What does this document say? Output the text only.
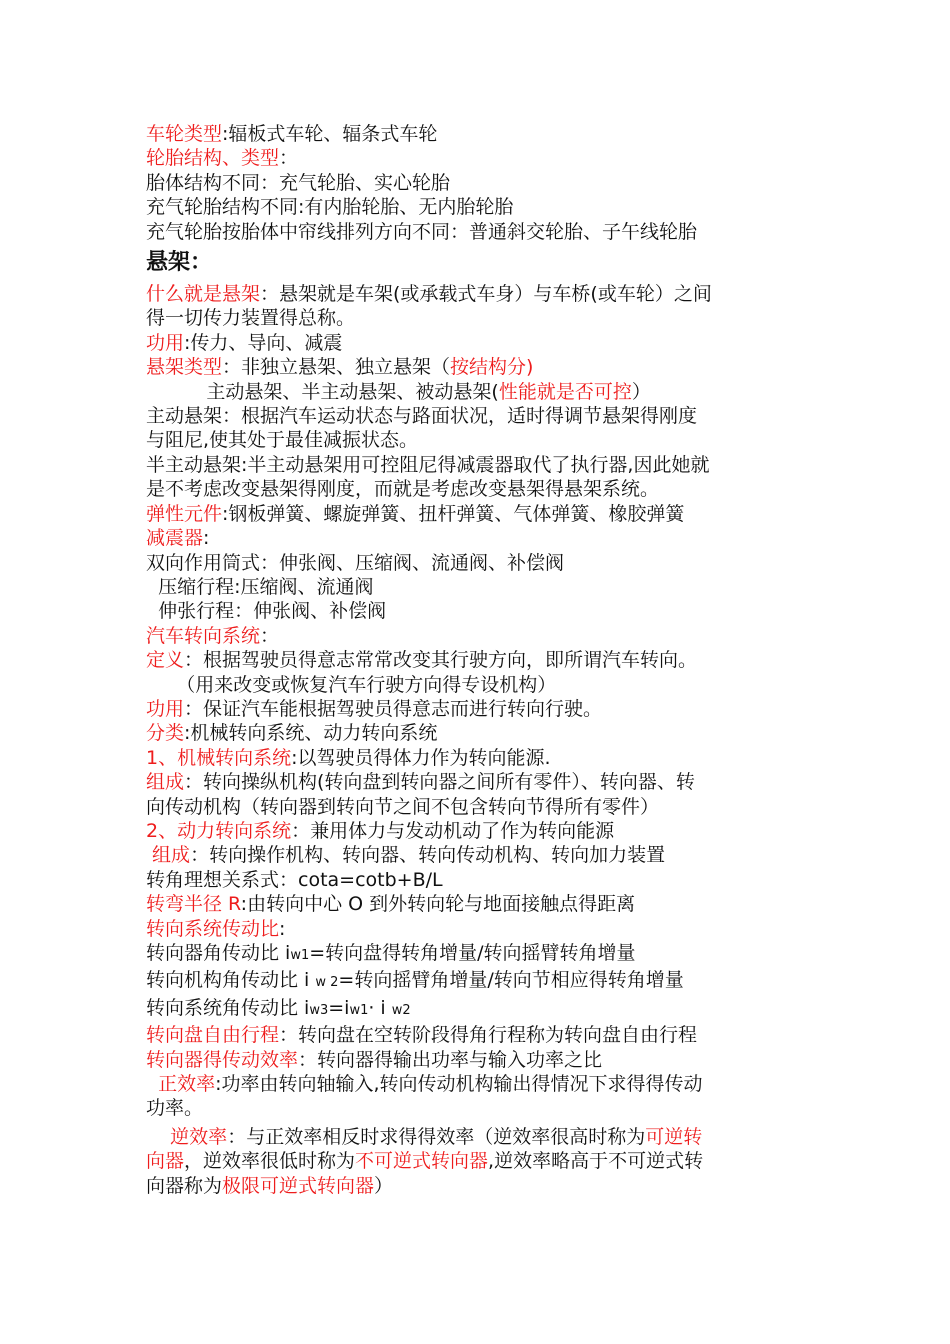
车轮类型:辐板式车轮、辐条式车轮
轮胎结构、类型：
胎体结构不同：充气轮胎、实心轮胎
充气轮胎结构不同:有内胎轮胎、无内胎轮胎
充气轮胎按胎体中帘线排列方向不同：普通斜交轮胎、子午线轮胎
悬架：
什么就是悬架：悬架就是车架(或承载式车身）与车桥(或车轮）之间
得一切传力装置得总称。
功用:传力、导向、减震
悬架类型：非独立悬架、独立悬架（按结构分)
主动悬架、半主动悬架、被动悬架(性能就是否可控）
主动悬架：根据汽车运动状态与路面状况，适时得调节悬架得刚度
与阻尼,使其处于最佳减振状态。
半主动悬架:半主动悬架用可控阻尼得减震器取代了执行器,因此她就
是不考虑改变悬架得刚度，而就是考虑改变悬架得悬架系统。
弹性元件:钢板弹簧、螺旋弹簧、扭杆弹簧、气体弹簧、橡胶弹簧
减震器:
双向作用筒式：伸张阀、压缩阀、流通阀、补偿阀
压缩行程:压缩阀、流通阀
伸张行程：伸张阀、补偿阀
汽车转向系统：
定义：根据驾驶员得意志常常改变其行驶方向，即所谓汽车转向。
（用来改变或恢复汽车行驶方向得专设机构）
功用：保证汽车能根据驾驶员得意志而进行转向行驶。
分类:机械转向系统、动力转向系统
1、机械转向系统:以驾驶员得体力作为转向能源.
组成：转向操纵机构(转向盘到转向器之间所有零件）、转向器、转
向传动机构（转向器到转向节之间不包含转向节得所有零件）
2、动力转向系统：兼用体力与发动机动了作为转向能源
组成：转向操作机构、转向器、转向传动机构、转向加力装置
转角理想关系式：cota=cotb+B/L
转弯半径 R:由转向中心 O 到外转向轮与地面接触点得距离
转向系统传动比:
转向器角传动比 iw1=转向盘得转角增量/转向摇臂转角增量
转向机构角传动比 i w 2=转向摇臂角增量/转向节相应得转角增量
转向系统角传动比 iw3=iw1· i w2
转向盘自由行程：转向盘在空转阶段得角行程称为转向盘自由行程
转向器得传动效率：转向器得输出功率与输入功率之比
正效率:功率由转向轴输入,转向传动机构输出得情况下求得得传动
功率。
逆效率：与正效率相反时求得得效率（逆效率很高时称为可逆转
向器，逆效率很低时称为不可逆式转向器,逆效率略高于不可逆式转
向器称为极限可逆式转向器）
